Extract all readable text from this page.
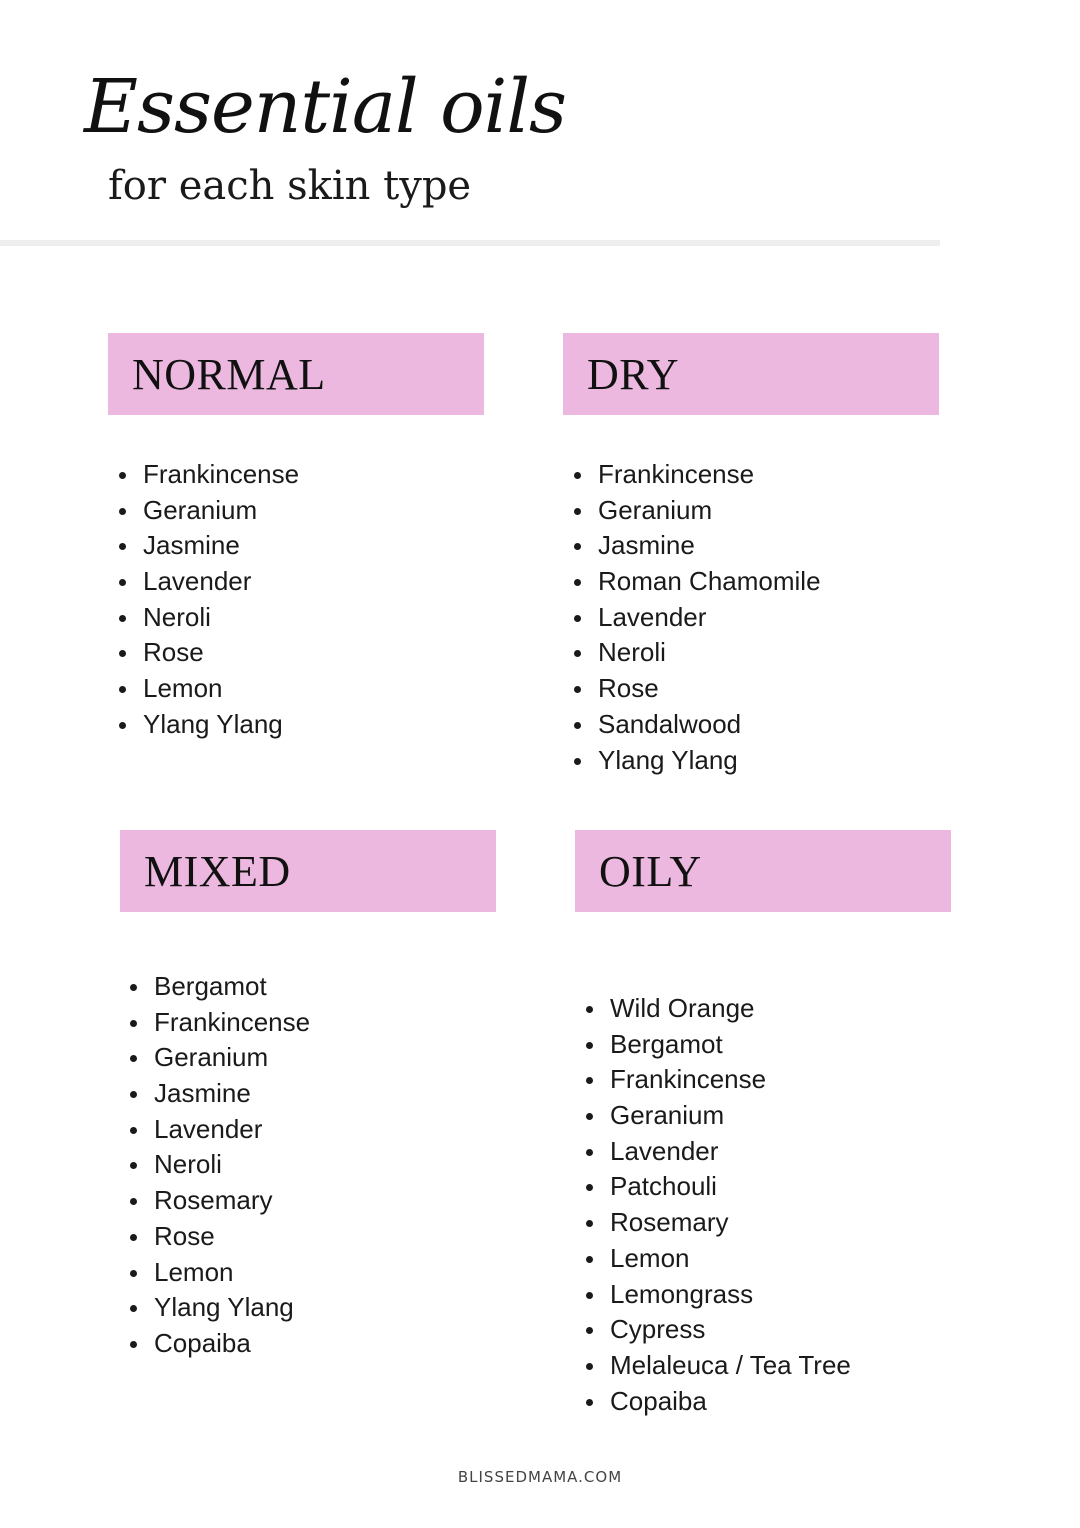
Essential oils
for each skin type
NORMAL
Frankincense
Geranium
Jasmine
Lavender
Neroli
Rose
Lemon
Ylang Ylang
DRY
Frankincense
Geranium
Jasmine
Roman Chamomile
Lavender
Neroli
Rose
Sandalwood
Ylang Ylang
MIXED
Bergamot
Frankincense
Geranium
Jasmine
Lavender
Neroli
Rosemary
Rose
Lemon
Ylang Ylang
Copaiba
OILY
Wild Orange
Bergamot
Frankincense
Geranium
Lavender
Patchouli
Rosemary
Lemon
Lemongrass
Cypress
Melaleuca / Tea Tree
Copaiba
BLISSEDMAMA.COM
